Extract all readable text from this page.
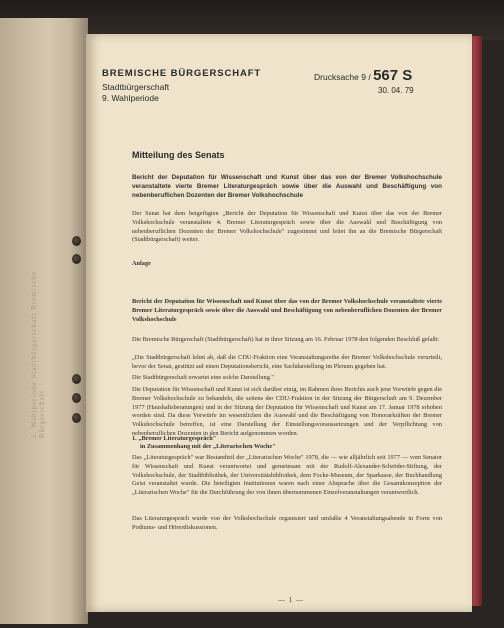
2. Wahlperiode Stadtbürgerschaft Bremische Bürgerschaft
BREMISCHE BÜRGERSCHAFT
Stadtbürgerschaft
9. Wahlperiode
Drucksache 9 / 567 S
30. 04. 79
Mitteilung des Senats
Bericht der Deputation für Wissenschaft und Kunst über das von der Bremer Volkshochschule veranstaltete vierte Bremer Literaturgespräch sowie über die Auswahl und Beschäftigung von nebenberuflichen Dozenten der Bremer Volkshochschule
Der Senat hat dem beigefügten „Bericht der Deputation für Wissenschaft und Kunst über das von der Bremer Volkshochschule veranstaltete 4. Bremer Literaturgespräch sowie über die Auswahl und Beschäftigung von nebenberuflichen Dozenten der Bremer Volkshochschule" zugestimmt und leitet ihn an die Bremische Bürgerschaft (Stadtbürgerschaft) weiter.
Anlage
Bericht der Deputation für Wissenschaft und Kunst über das von der Bremer Volkshochschule veranstaltete vierte Bremer Literaturgespräch sowie über die Auswahl und Beschäftigung von nebenberuflichen Dozenten der Bremer Volkshochschule
Die Bremische Bürgerschaft (Stadtbürgerschaft) hat in ihrer Sitzung am 16. Februar 1978 den folgenden Beschluß gefaßt:
„Die Stadtbürgerschaft lehnt ab, daß die CDU-Fraktion eine Veranstaltungsreihe der Bremer Volkshochschule verurteilt, bevor der Senat, gestützt auf einen Deputationsbericht, eine Sachdarstellung im Plenum gegeben hat.
Die Stadtbürgerschaft erwartet eine solche Darstellung."
Die Deputation für Wissenschaft und Kunst ist sich darüber einig, im Rahmen ihres Berichts auch jene Vorwürfe gegen die Bremer Volkshochschule zu behandeln, die seitens der CDU-Fraktion in der Sitzung der Bürgerschaft am 9. Dezember 1977 (Haushaltsberatungen) und in der Sitzung der Deputation für Wissenschaft und Kunst am 17. Januar 1978 erhoben worden sind. Da diese Vorwürfe im wesentlichen die Auswahl und die Beschäftigung von Honorarkräften der Bremer Volkshochschule betreffen, ist eine Darstellung der Einstellungsvoraussetzungen und der Verpflichtung von nebenberuflichen Dozenten in den Bericht aufgenommen worden.
1. „Bremer Literaturgespräch"
in Zusammenhang mit der „Literarischen Woche"
Das „Literaturgespräch" war Bestandteil der „Literarischen Woche" 1978, die — wie alljährlich seit 1977 — vom Senator für Wissenschaft und Kunst verantwortet und gemeinsam mit der Rudolf-Alexander-Schröder-Stiftung, der Volkshochschule, der Stadtbibliothek, der Universitätsbibliothek, dem Focke-Museum, der Sparkasse, der Buchhandlung Geist veranstaltet wurde. Die beteiligten Institutionen waren nach einer Absprache über die Gesamtkonzeption der „Literarischen Woche" für die Durchführung der von ihnen übernommenen Einzelveranstaltungen verantwortlich.
Das Literaturgespräch wurde von der Volkshochschule organisiert und umfaßte 4 Veranstaltungsabende in Form von Podiums- und Hörerdiskussionen.
— 1 —
